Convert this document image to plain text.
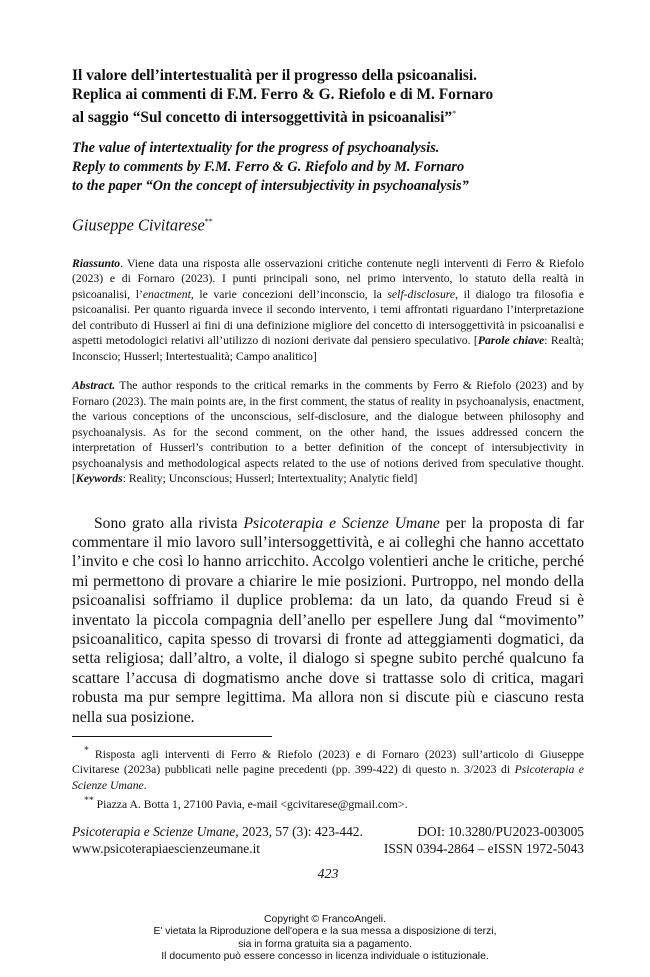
Il valore dell’intertestualità per il progresso della psicoanalisi.
Replica ai commenti di F.M. Ferro & G. Riefolo e di M. Fornaro
al saggio “Sul concetto di intersoggettività in psicoanalisi”*
The value of intertextuality for the progress of psychoanalysis.
Reply to comments by F.M. Ferro & G. Riefolo and by M. Fornaro
to the paper “On the concept of intersubjectivity in psychoanalysis”

Giuseppe Civitarese**

Riassunto. Viene data una risposta alle osservazioni critiche contenute negli interventi di Ferro & Riefolo (2023) e di Fornaro (2023). I punti principali sono, nel primo intervento, lo statuto della realtà in psicoanalisi, l’enactment, le varie concezioni dell’inconscio, la self-disclosure, il dialogo tra filosofia e psicoanalisi. Per quanto riguarda invece il secondo intervento, i temi affrontati riguardano l’interpretazione del contributo di Husserl ai fini di una definizione migliore del concetto di intersoggettività in psicoanalisi e aspetti metodologici relativi all’utilizzo di nozioni derivate dal pensiero speculativo. [Parole chiave: Realtà; Inconscio; Husserl; Intertestualità; Campo analitico]

Abstract. The author responds to the critical remarks in the comments by Ferro & Riefolo (2023) and by Fornaro (2023). The main points are, in the first comment, the status of reality in psychoanalysis, enactment, the various conceptions of the unconscious, self-disclosure, and the dialogue between philosophy and psychoanalysis. As for the second comment, on the other hand, the issues addressed concern the interpretation of Husserl’s contribution to a better definition of the concept of intersubjectivity in psychoanalysis and methodological aspects related to the use of notions derived from speculative thought. [Keywords: Reality; Unconscious; Husserl; Intertextuality; Analytic field]

Sono grato alla rivista Psicoterapia e Scienze Umane per la proposta di far commentare il mio lavoro sull’intersoggettività, e ai colleghi che hanno accettato l’invito e che così lo hanno arricchito. Accolgo volentieri anche le critiche, perché mi permettono di provare a chiarire le mie posizioni. Purtroppo, nel mondo della psicoanalisi soffriamo il duplice problema: da un lato, da quando Freud si è inventato la piccola compagnia dell’anello per espellere Jung dal “movimento” psicoanalitico, capita spesso di trovarsi di fronte ad atteggiamenti dogmatici, da setta religiosa; dall’altro, a volte, il dialogo si spegne subito perché qualcuno fa scattare l’accusa di dogmatismo anche dove si trattasse solo di critica, magari robusta ma pur sempre legittima. Ma allora non si discute più e ciascuno resta nella sua posizione.

* Risposta agli interventi di Ferro & Riefolo (2023) e di Fornaro (2023) sull’articolo di Giuseppe Civitarese (2023a) pubblicati nelle pagine precedenti (pp. 399-422) di questo n. 3/2023 di Psicoterapia e Scienze Umane.

** Piazza A. Botta 1, 27100 Pavia, e-mail <gcivitarese@gmail.com>.

Psicoterapia e Scienze Umane, 2023, 57 (3): 423-442.	DOI: 10.3280/PU2023-003005
www.psicoterapiaescienzeumane.it	ISSN 0394-2864 – eISSN 1972-5043
423
Copyright © FrancoAngeli.
E' vietata la Riproduzione dell'opera e la sua messa a disposizione di terzi,
sia in forma gratuita sia a pagamento.
Il documento può essere concesso in licenza individuale o istituzionale.
